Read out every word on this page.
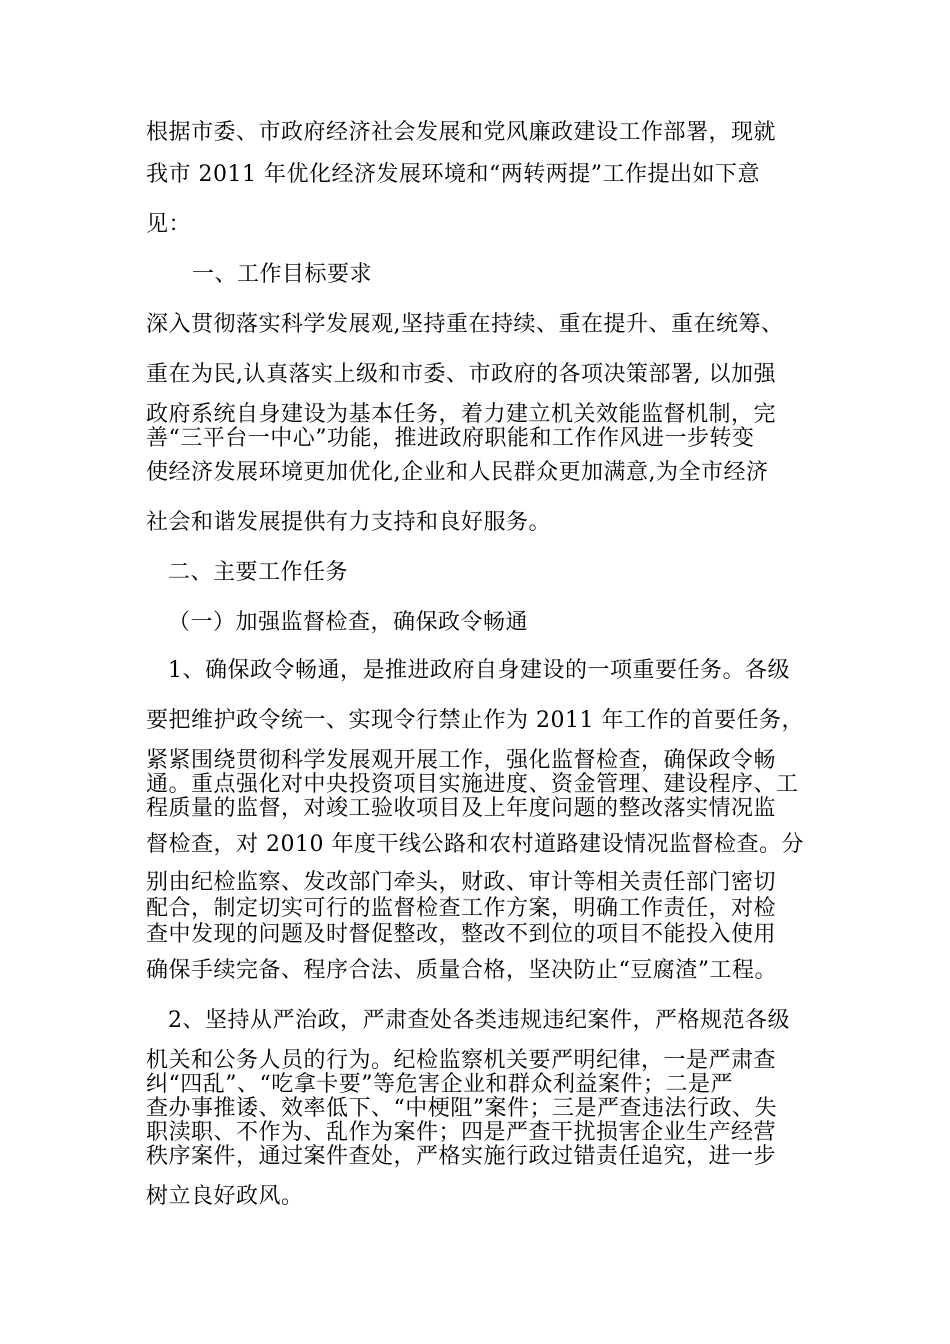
根据市委、市政府经济社会发展和党风廉政建设工作部署，现就
我市 2011 年优化经济发展环境和“两转两提”工作提出如下意
见：
一、工作目标要求
深入贯彻落实科学发展观,坚持重在持续、重在提升、重在统筹、
重在为民,认真落实上级和市委、市政府的各项决策部署, 以加强
政府系统自身建设为基本任务，着力建立机关效能监督机制，完
善“三平台一中心”功能，推进政府职能和工作作风进一步转变
使经济发展环境更加优化,企业和人民群众更加满意,为全市经济
社会和谐发展提供有力支持和良好服务。
二、主要工作任务
（一）加强监督检查，确保政令畅通
1、确保政令畅通，是推进政府自身建设的一项重要任务。各级
要把维护政令统一、实现令行禁止作为 2011 年工作的首要任务，
紧紧围绕贯彻科学发展观开展工作，强化监督检查，确保政令畅
通。重点强化对中央投资项目实施进度、资金管理、建设程序、工
程质量的监督，对竣工验收项目及上年度问题的整改落实情况监
督检查，对 2010 年度干线公路和农村道路建设情况监督检查。分
别由纪检监察、发改部门牵头，财政、审计等相关责任部门密切
配合，制定切实可行的监督检查工作方案，明确工作责任，对检
查中发现的问题及时督促整改，整改不到位的项目不能投入使用
确保手续完备、程序合法、质量合格，坚决防止“豆腐渣”工程。
2、坚持从严治政，严肃查处各类违规违纪案件，严格规范各级
机关和公务人员的行为。纪检监察机关要严明纪律，一是严肃查
纠“四乱”、“吃拿卡要”等危害企业和群众利益案件；二是严
查办事推诿、效率低下、“中梗阻”案件；三是严查违法行政、失
职渎职、不作为、乱作为案件；四是严查干扰损害企业生产经营
秩序案件，通过案件查处，严格实施行政过错责任追究，进一步
树立良好政风。
